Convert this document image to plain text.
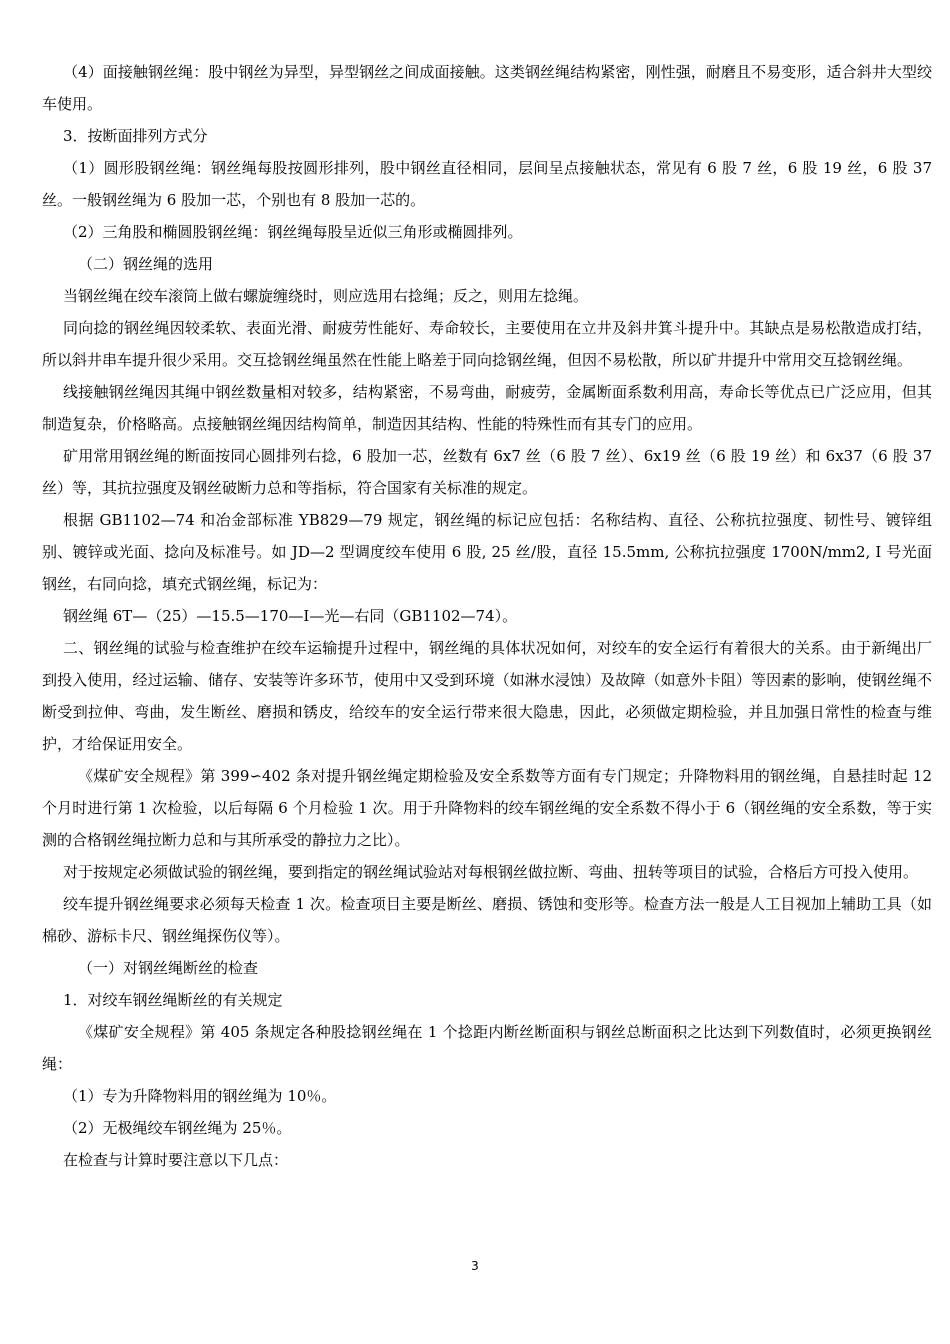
（4）面接触钢丝绳：股中钢丝为异型，异型钢丝之间成面接触。这类钢丝绳结构紧密，刚性强，耐磨且不易变形，适合斜井大型绞车使用。

3．按断面排列方式分

（1）圆形股钢丝绳：钢丝绳每股按圆形排列，股中钢丝直径相同，层间呈点接触状态，常见有 6 股 7 丝，6 股 19 丝，6 股 37 丝。一般钢丝绳为 6 股加一芯，个别也有 8 股加一芯的。

（2）三角股和椭圆股钢丝绳：钢丝绳每股呈近似三角形或椭圆排列。

（二）钢丝绳的选用

当钢丝绳在绞车滚筒上做右螺旋缠绕时，则应选用右捻绳；反之，则用左捻绳。

同向捻的钢丝绳因较柔软、表面光滑、耐疲劳性能好、寿命较长，主要使用在立井及斜井箕斗提升中。其缺点是易松散造成打结，所以斜井串车提升很少采用。交互捻钢丝绳虽然在性能上略差于同向捻钢丝绳，但因不易松散，所以矿井提升中常用交互捻钢丝绳。

线接触钢丝绳因其绳中钢丝数量相对较多，结构紧密，不易弯曲，耐疲劳，金属断面系数利用高，寿命长等优点已广泛应用，但其制造复杂，价格略高。点接触钢丝绳因结构简单，制造因其结构、性能的特殊性而有其专门的应用。

矿用常用钢丝绳的断面按同心圆排列右捻，6 股加一芯，丝数有 6x7 丝（6 股 7 丝）、6x19 丝（6 股 19 丝）和 6x37（6 股 37 丝）等，其抗拉强度及钢丝破断力总和等指标，符合国家有关标准的规定。

根据 GB1102—74 和冶金部标准 YB829—79 规定，钢丝绳的标记应包括：名称结构、直径、公称抗拉强度、韧性号、镀锌组别、镀锌或光面、捻向及标准号。如 JD—2 型调度绞车使用 6 股, 25 丝/股，直径 15.5mm, 公称抗拉强度 1700N/mm2, I 号光面钢丝，右同向捻，填充式钢丝绳，标记为：

钢丝绳 6T—（25）—15.5—170—I—光—右同（GB1102—74）。

二、钢丝绳的试验与检查维护在绞车运输提升过程中，钢丝绳的具体状况如何，对绞车的安全运行有着很大的关系。由于新绳出厂到投入使用，经过运输、储存、安装等许多环节，使用中又受到环境（如淋水浸蚀）及故障（如意外卡阻）等因素的影响，使钢丝绳不断受到拉伸、弯曲，发生断丝、磨损和锈皮，给绞车的安全运行带来很大隐患，因此，必须做定期检验，并且加强日常性的检查与维护，才给保证用安全。

《煤矿安全规程》第 399∽402 条对提升钢丝绳定期检验及安全系数等方面有专门规定；升降物料用的钢丝绳，自悬挂时起 12 个月时进行第 1 次检验，以后每隔 6 个月检验 1 次。用于升降物料的绞车钢丝绳的安全系数不得小于 6（钢丝绳的安全系数，等于实测的合格钢丝绳拉断力总和与其所承受的静拉力之比）。

对于按规定必须做试验的钢丝绳，要到指定的钢丝绳试验站对每根钢丝做拉断、弯曲、扭转等项目的试验，合格后方可投入使用。

绞车提升钢丝绳要求必须每天检查 1 次。检查项目主要是断丝、磨损、锈蚀和变形等。检查方法一般是人工目视加上辅助工具（如棉砂、游标卡尺、钢丝绳探伤仪等）。

（一）对钢丝绳断丝的检查

1．对绞车钢丝绳断丝的有关规定

《煤矿安全规程》第 405 条规定各种股捻钢丝绳在 1 个捻距内断丝断面积与钢丝总断面积之比达到下列数值时，必须更换钢丝绳：

（1）专为升降物料用的钢丝绳为 10％。

（2）无极绳绞车钢丝绳为 25％。

在检查与计算时要注意以下几点：

3
